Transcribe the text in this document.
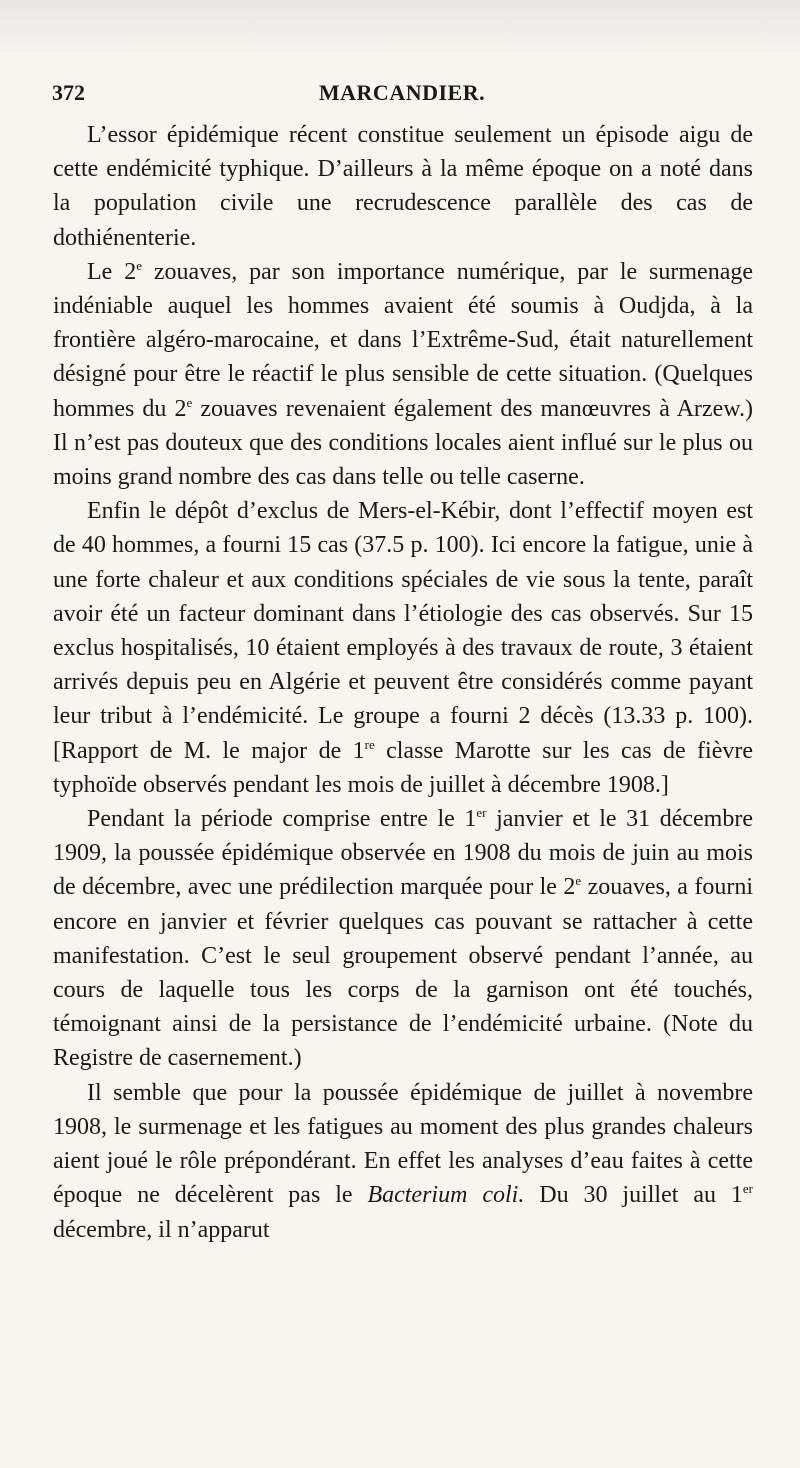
372	MARCANDIER.

L’essor épidémique récent constitue seulement un épisode aigu de cette endémicité typhique. D’ailleurs à la même époque on a noté dans la population civile une recrudescence parallèle des cas de dothiénenterie.

Le 2e zouaves, par son importance numérique, par le surmenage indéniable auquel les hommes avaient été soumis à Oudjda, à la frontière algéro-marocaine, et dans l’Extrême-Sud, était naturellement désigné pour être le réactif le plus sensible de cette situation. (Quelques hommes du 2e zouaves revenaient également des manœuvres à Arzew.) Il n’est pas douteux que des conditions locales aient influé sur le plus ou moins grand nombre des cas dans telle ou telle caserne.

Enfin le dépôt d’exclus de Mers-el-Kébir, dont l’effectif moyen est de 40 hommes, a fourni 15 cas (37.5 p. 100). Ici encore la fatigue, unie à une forte chaleur et aux conditions spéciales de vie sous la tente, paraît avoir été un facteur dominant dans l’étiologie des cas observés. Sur 15 exclus hospitalisés, 10 étaient employés à des travaux de route, 3 étaient arrivés depuis peu en Algérie et peuvent être considérés comme payant leur tribut à l’endémicité. Le groupe a fourni 2 décès (13.33 p. 100). [Rapport de M. le major de 1re classe Marotte sur les cas de fièvre typhoïde observés pendant les mois de juillet à décembre 1908.]

Pendant la période comprise entre le 1er janvier et le 31 décembre 1909, la poussée épidémique observée en 1908 du mois de juin au mois de décembre, avec une prédilection marquée pour le 2e zouaves, a fourni encore en janvier et février quelques cas pouvant se rattacher à cette manifestation. C’est le seul groupement observé pendant l’année, au cours de laquelle tous les corps de la garnison ont été touchés, témoignant ainsi de la persistance de l’endémicité urbaine. (Note du Registre de casernement.)

Il semble que pour la poussée épidémique de juillet à novembre 1908, le surmenage et les fatigues au moment des plus grandes chaleurs aient joué le rôle prépondérant. En effet les analyses d’eau faites à cette époque ne décelèrent pas le Bacterium coli. Du 30 juillet au 1er décembre, il n’apparut
